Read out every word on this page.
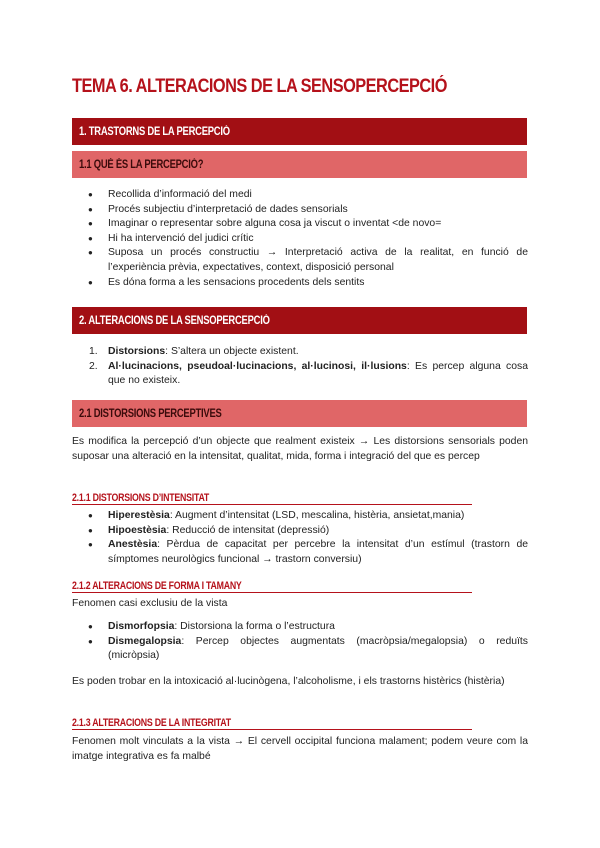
TEMA 6. ALTERACIONS DE LA SENSOPERCEPCIÓ
1. TRASTORNS DE LA PERCEPCIÓ
1.1 QUÈ ÉS LA PERCEPCIÓ?
● Recollida d’informació del medi
● Procés subjectiu d’interpretació de dades sensorials
● Imaginar o representar sobre alguna cosa ja viscut o inventat <de novo=
● Hi ha intervenció del judici crític
● Suposa un procés constructiu → Interpretació activa de la realitat, en funció de l’experiència prèvia, expectatives, context, disposició personal
● Es dóna forma a les sensacions procedents dels sentits
2. ALTERACIONS DE LA SENSOPERCEPCIÓ
1. Distorsions: S’altera un objecte existent.
2. Al·lucinacions, pseudoal·lucinacions, al·lucinosi, il·lusions: Es percep alguna cosa que no existeix.
2.1 DISTORSIONS PERCEPTIVES
Es modifica la percepció d’un objecte que realment existeix → Les distorsions sensorials poden suposar una alteració en la intensitat, qualitat, mida, forma i integració del que es percep
2.1.1 DISTORSIONS D’INTENSITAT
● Hiperestèsia: Augment d’intensitat (LSD, mescalina, histèria, ansietat,mania)
● Hipoestèsia: Reducció de intensitat (depressió)
● Anestèsia: Pèrdua de capacitat per percebre la intensitat d’un estímul (trastorn de símptomes neurològics funcional → trastorn conversiu)
2.1.2 ALTERACIONS DE FORMA I TAMANY
Fenomen casi exclusiu de la vista
● Dismorfopsia: Distorsiona la forma o l’estructura
● Dismegalopsia: Percep objectes augmentats (macròpsia/megalopsia) o reduïts (micròpsia)
Es poden trobar en la intoxicació al·lucinògena, l’alcoholisme, i els trastorns histèrics (histèria)
2.1.3 ALTERACIONS DE LA INTEGRITAT
Fenomen molt vinculats a la vista → El cervell occipital funciona malament; podem veure com la imatge integrativa es fa malbé
